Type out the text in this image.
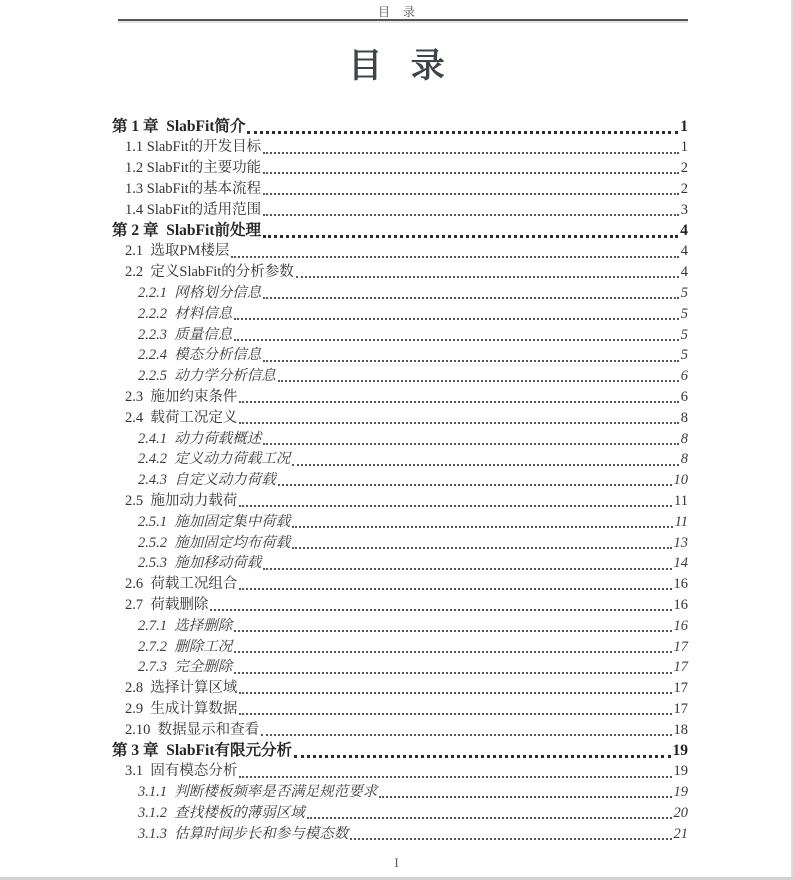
目 录
目 录
第 1 章  SlabFit简介	1
1.1 SlabFit的开发目标	1
1.2 SlabFit的主要功能	2
1.3 SlabFit的基本流程	2
1.4 SlabFit的适用范围	3
第 2 章  SlabFit前处理	4
2.1  选取PM楼层	4
2.2  定义SlabFit的分析参数	4
2.2.1  网格划分信息	5
2.2.2  材料信息	5
2.2.3  质量信息	5
2.2.4  模态分析信息	5
2.2.5  动力学分析信息	6
2.3  施加约束条件	6
2.4  载荷工况定义	8
2.4.1  动力荷载概述	8
2.4.2  定义动力荷载工况	8
2.4.3  自定义动力荷载	10
2.5  施加动力载荷	11
2.5.1  施加固定集中荷载	11
2.5.2  施加固定均布荷载	13
2.5.3  施加移动荷载	14
2.6  荷载工况组合	16
2.7  荷载删除	16
2.7.1  选择删除	16
2.7.2  删除工况	17
2.7.3  完全删除	17
2.8  选择计算区域	17
2.9  生成计算数据	17
2.10  数据显示和查看	18
第 3 章  SlabFit有限元分析	19
3.1  固有模态分析	19
3.1.1  判断楼板频率是否满足规范要求	19
3.1.2  查找楼板的薄弱区域	20
3.1.3  估算时间步长和参与模态数	21
I
